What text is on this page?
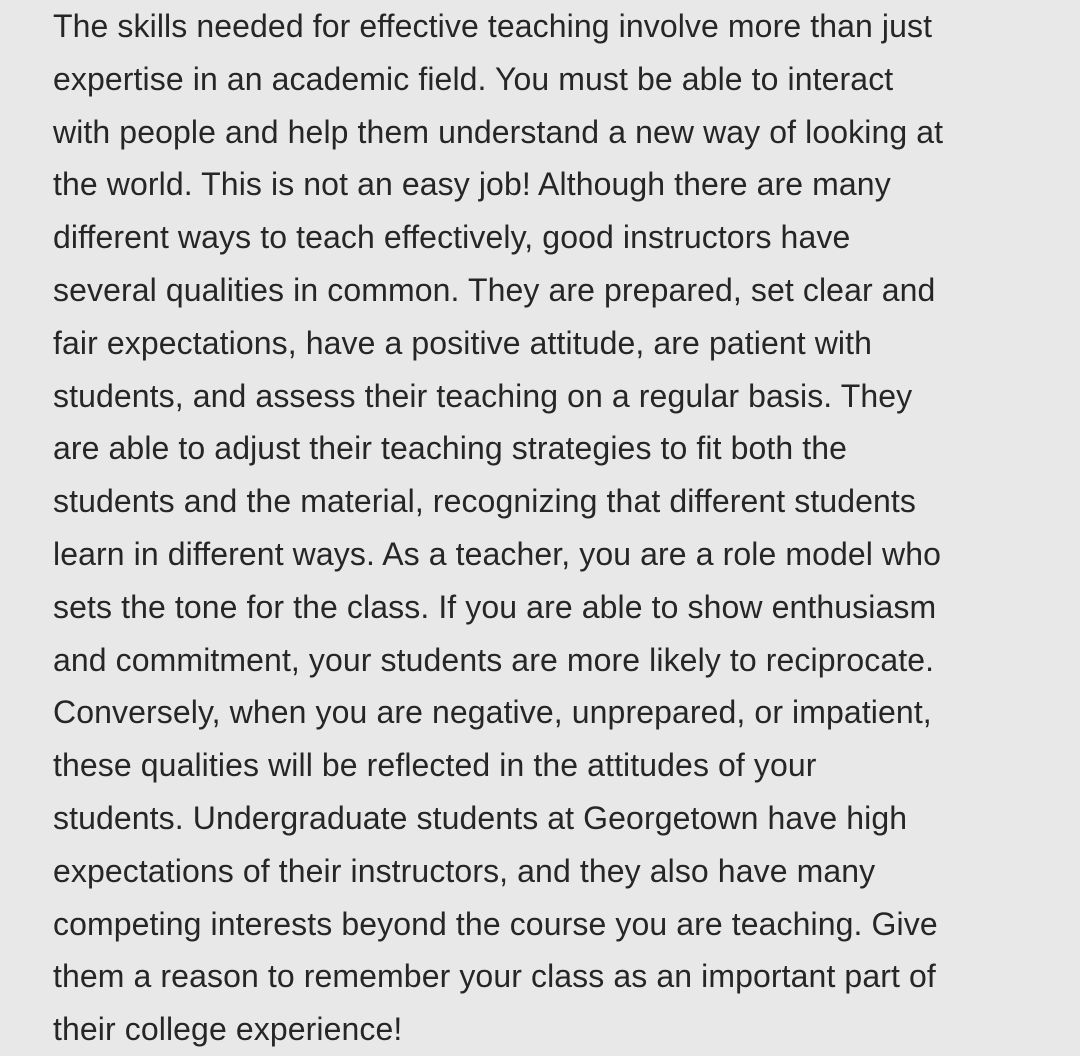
The skills needed for effective teaching involve more than just
expertise in an academic field. You must be able to interact
with people and help them understand a new way of looking at
the world. This is not an easy job! Although there are many
different ways to teach effectively, good instructors have
several qualities in common. They are prepared, set clear and
fair expectations, have a positive attitude, are patient with
students, and assess their teaching on a regular basis. They
are able to adjust their teaching strategies to fit both the
students and the material, recognizing that different students
learn in different ways. As a teacher, you are a role model who
sets the tone for the class. If you are able to show enthusiasm
and commitment, your students are more likely to reciprocate.
Conversely, when you are negative, unprepared, or impatient,
these qualities will be reflected in the attitudes of your
students. Undergraduate students at Georgetown have high
expectations of their instructors, and they also have many
competing interests beyond the course you are teaching. Give
them a reason to remember your class as an important part of
their college experience!
